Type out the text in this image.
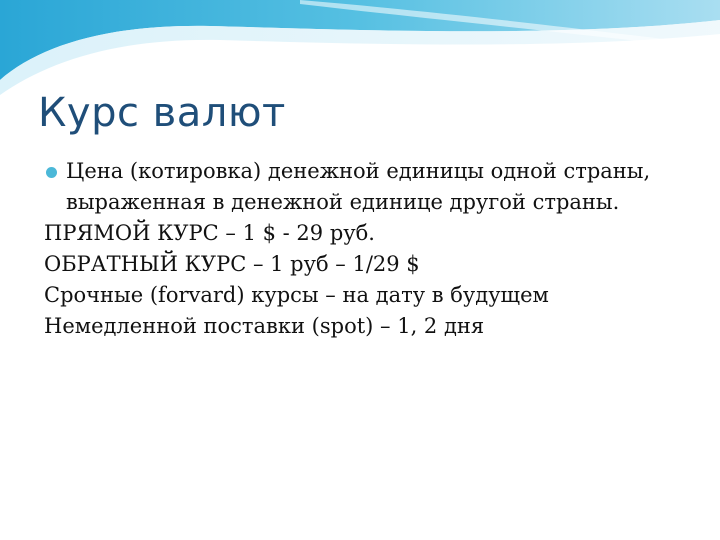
Курс валют
Цена (котировка) денежной единицы одной страны, выраженная в денежной единице другой страны.
ПРЯМОЙ КУРС – 1 $ - 29 руб.
ОБРАТНЫЙ КУРС – 1 руб – 1/29 $
Срочные (forvard) курсы – на дату в будущем
Немедленной поставки (spot) – 1, 2 дня
